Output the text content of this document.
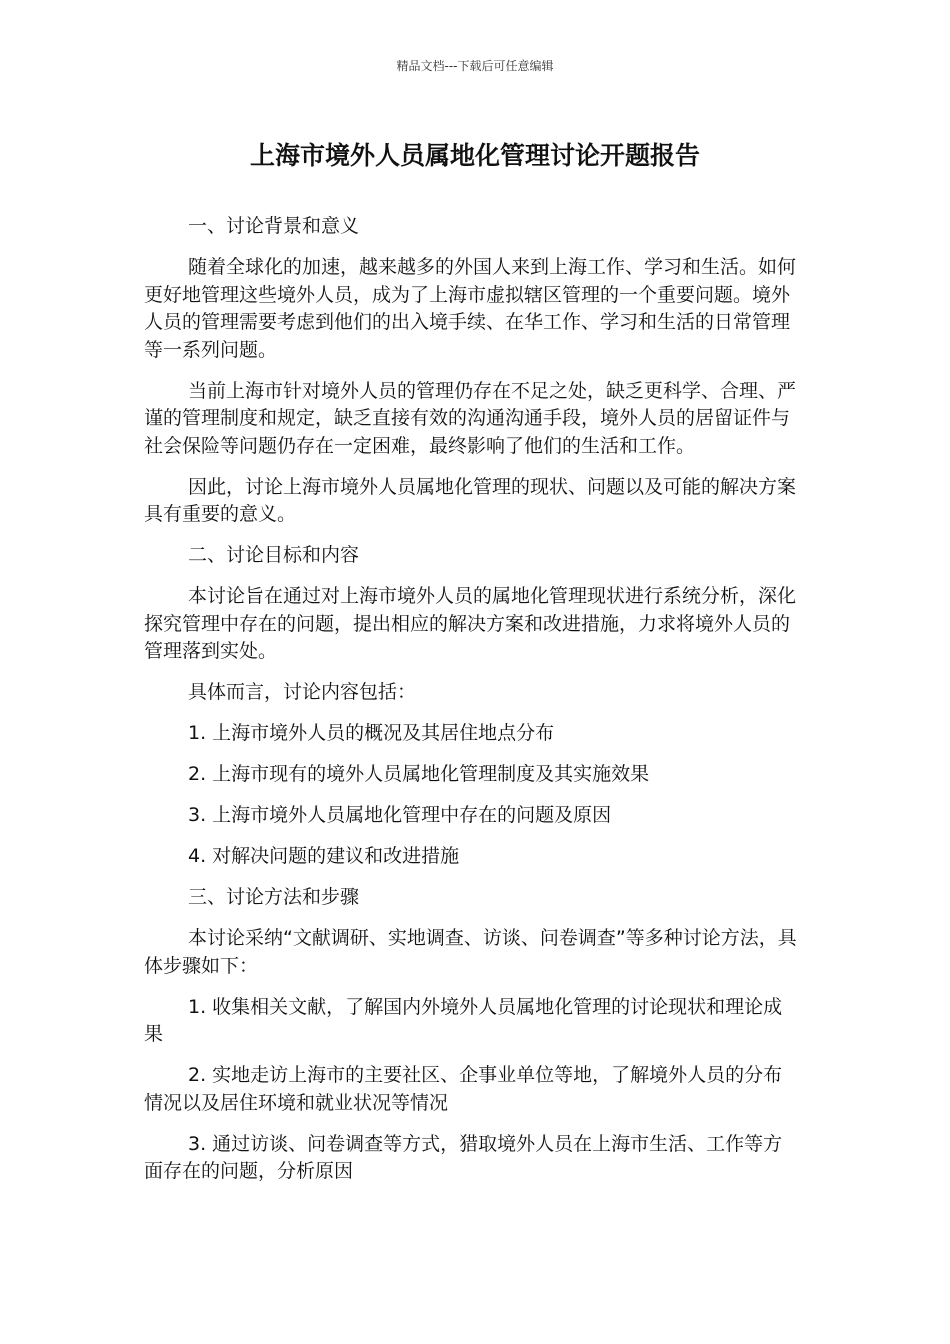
精品文档---下载后可任意编辑
上海市境外人员属地化管理讨论开题报告

一、讨论背景和意义

随着全球化的加速，越来越多的外国人来到上海工作、学习和生活。如何更好地管理这些境外人员，成为了上海市虚拟辖区管理的一个重要问题。境外人员的管理需要考虑到他们的出入境手续、在华工作、学习和生活的日常管理等一系列问题。

当前上海市针对境外人员的管理仍存在不足之处，缺乏更科学、合理、严谨的管理制度和规定，缺乏直接有效的沟通沟通手段，境外人员的居留证件与社会保险等问题仍存在一定困难，最终影响了他们的生活和工作。

因此，讨论上海市境外人员属地化管理的现状、问题以及可能的解决方案具有重要的意义。

二、讨论目标和内容

本讨论旨在通过对上海市境外人员的属地化管理现状进行系统分析，深化探究管理中存在的问题，提出相应的解决方案和改进措施，力求将境外人员的管理落到实处。

具体而言，讨论内容包括：

1. 上海市境外人员的概况及其居住地点分布

2. 上海市现有的境外人员属地化管理制度及其实施效果

3. 上海市境外人员属地化管理中存在的问题及原因

4. 对解决问题的建议和改进措施

三、讨论方法和步骤

本讨论采纳“文献调研、实地调查、访谈、问卷调查”等多种讨论方法，具体步骤如下：

1. 收集相关文献，了解国内外境外人员属地化管理的讨论现状和理论成果

2. 实地走访上海市的主要社区、企事业单位等地，了解境外人员的分布情况以及居住环境和就业状况等情况

3. 通过访谈、问卷调查等方式，猎取境外人员在上海市生活、工作等方面存在的问题，分析原因
